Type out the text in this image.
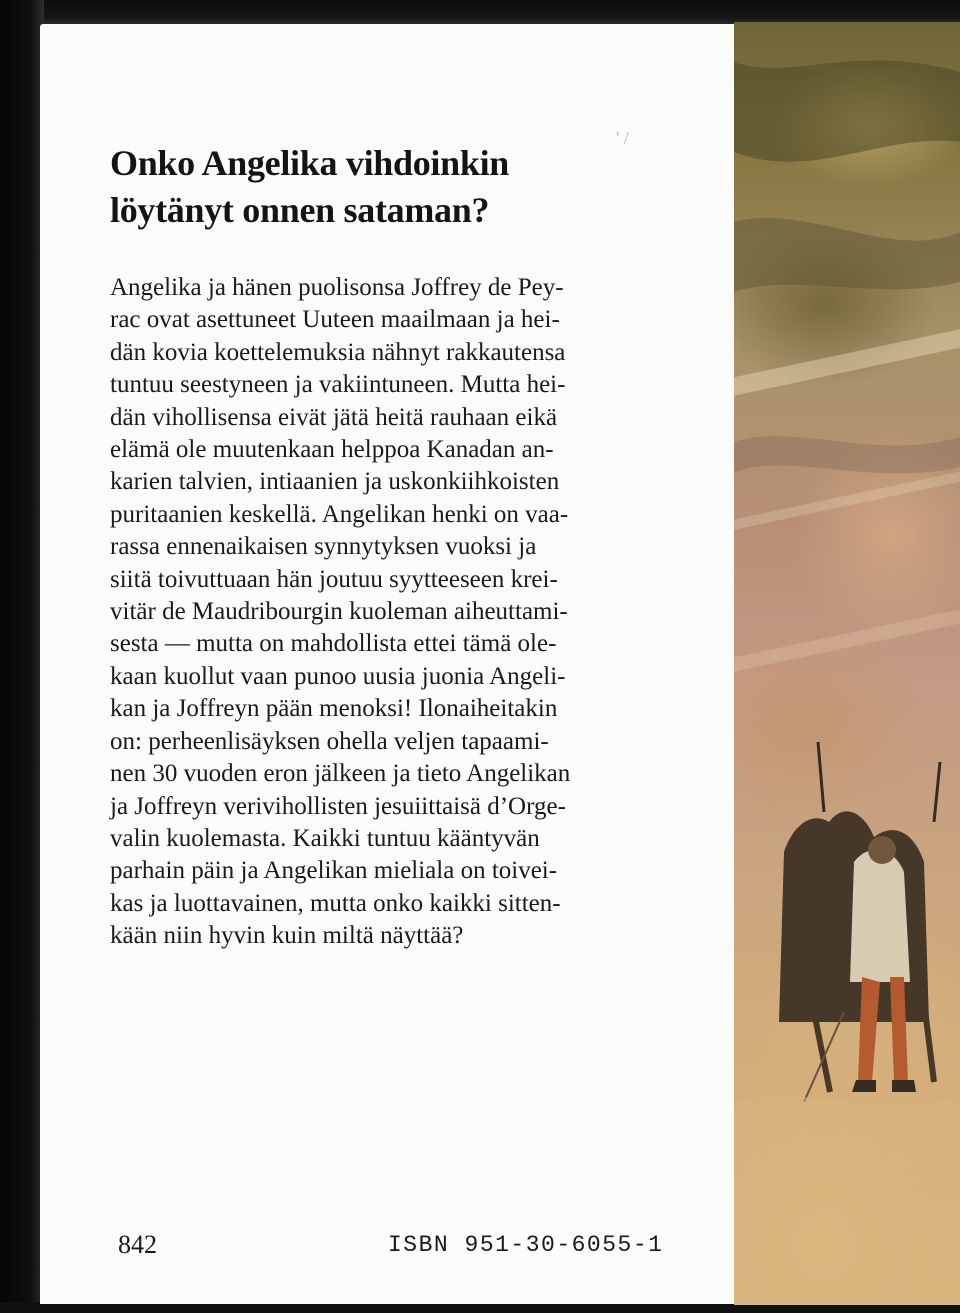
' /
Onko Angelika vihdoinkin
löytänyt onnen sataman?

Angelika ja hänen puolisonsa Joffrey de Pey-
rac ovat asettuneet Uuteen maailmaan ja hei-
dän kovia koettelemuksia nähnyt rakkautensa
tuntuu seestyneen ja vakiintuneen. Mutta hei-
dän vihollisensa eivät jätä heitä rauhaan eikä
elämä ole muutenkaan helppoa Kanadan an-
karien talvien, intiaanien ja uskonkiihkoisten
puritaanien keskellä. Angelikan henki on vaa-
rassa ennenaikaisen synnytyksen vuoksi ja
siitä toivuttuaan hän joutuu syytteeseen krei-
vitär de Maudribourgin kuoleman aiheuttami-
sesta — mutta on mahdollista ettei tämä ole-
kaan kuollut vaan punoo uusia juonia Angeli-
kan ja Joffreyn pään menoksi! Ilonaiheitakin
on: perheenlisäyksen ohella veljen tapaami-
nen 30 vuoden eron jälkeen ja tieto Angelikan
ja Joffreyn verivihollisten jesuiittaisä d’Orge-
valin kuolemasta. Kaikki tuntuu kääntyvän
parhain päin ja Angelikan mieliala on toivei-
kas ja luottavainen, mutta onko kaikki sitten-
kään niin hyvin kuin miltä näyttää?

842	ISBN 951-30-6055-1
